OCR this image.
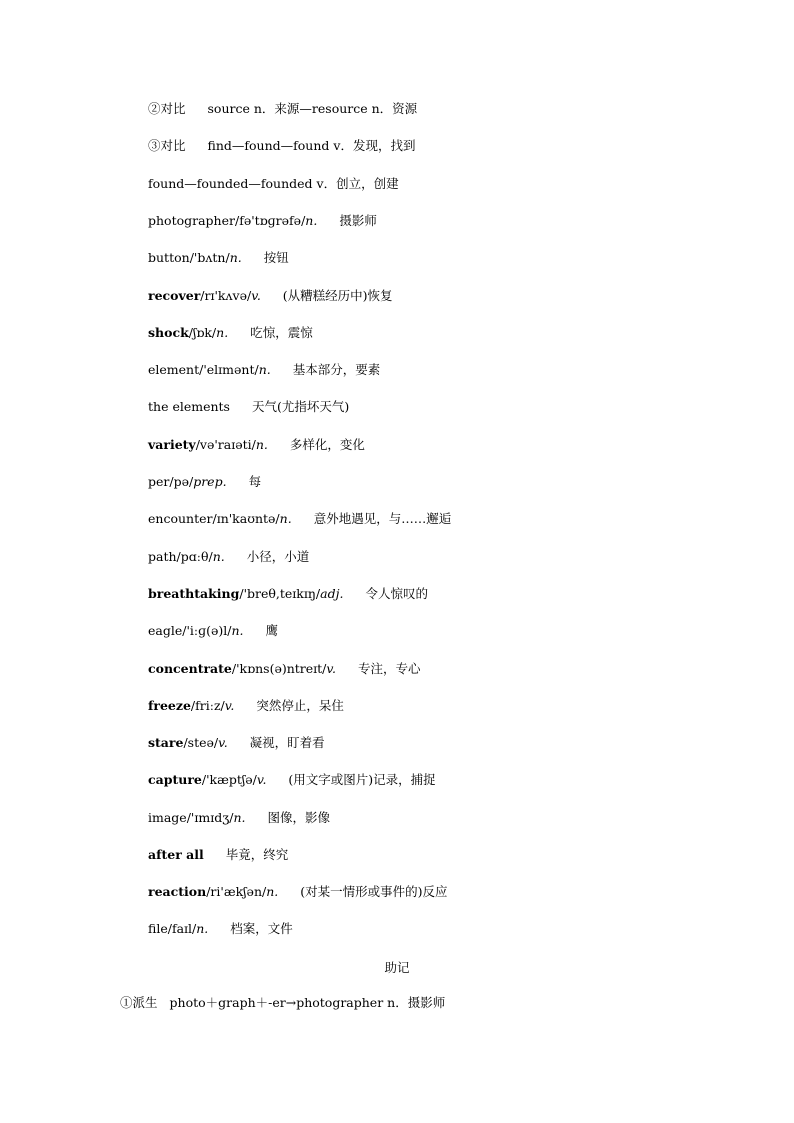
②对比 source n．来源—resource n．资源
③对比 find—found—found v．发现，找到
found—founded—founded v．创立，创建
photographer/fə'tɒɡrəfə/n. 摄影师
button/'bʌtn/n. 按钮
recover/rɪ'kʌvə/v. (从糟糕经历中)恢复
shock/ʃɒk/n. 吃惊，震惊
element/'elɪmənt/n. 基本部分，要素
the elements 天气(尤指坏天气)
variety/və'raɪəti/n. 多样化，变化
per/pə/prep. 每
encounter/ɪn'kaʊntə/n. 意外地遇见，与……邂逅
path/pɑːθ/n. 小径，小道
breathtaking/'breθ,teɪkɪŋ/adj. 令人惊叹的
eagle/'iːɡ(ə)l/n. 鹰
concentrate/'kɒns(ə)ntreɪt/v. 专注，专心
freeze/friːz/v. 突然停止，呆住
stare/steə/v. 凝视，盯着看
capture/'kæptʃə/v. (用文字或图片)记录，捕捉
image/'ɪmɪdʒ/n. 图像，影像
after all 毕竟，终究
reaction/ri'ækʃən/n. (对某一情形或事件的)反应
file/faɪl/n. 档案，文件
助记
①派生 photo＋graph＋-er→photographer n．摄影师
